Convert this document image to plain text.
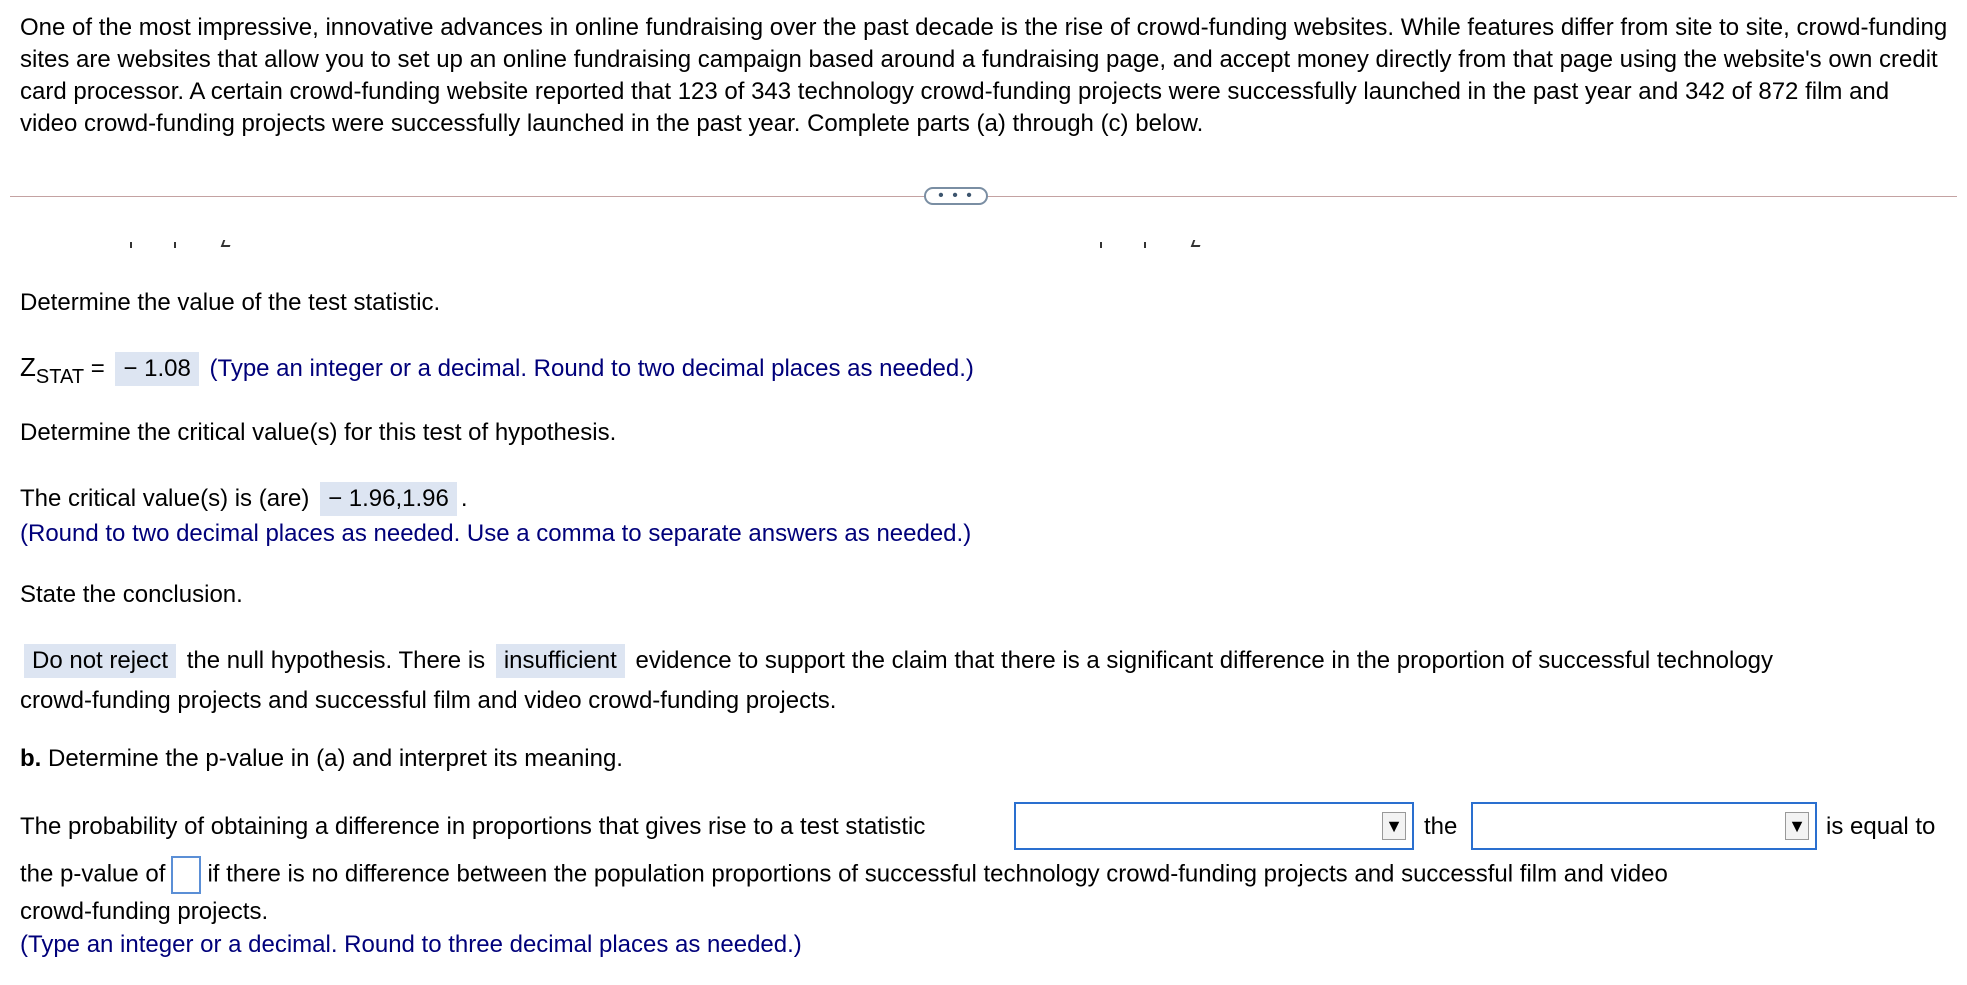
One of the most impressive, innovative advances in online fundraising over the past decade is the rise of crowd-funding websites. While features differ from site to site, crowd-funding sites are websites that allow you to set up an online fundraising campaign based around a fundraising page, and accept money directly from that page using the website's own credit card processor. A certain crowd-funding website reported that 123 of 343 technology crowd-funding projects were successfully launched in the past year and 342 of 872 film and video crowd-funding projects were successfully launched in the past year. Complete parts (a) through (c) below.

• • •

Determine the value of the test statistic.

$Z_{STAT}$ = − 1.08 (Type an integer or a decimal. Round to two decimal places as needed.)

Determine the critical value(s) for this test of hypothesis.

The critical value(s) is (are) − 1.96,1.96 .

(Round to two decimal places as needed. Use a comma to separate answers as needed.)

State the conclusion.

Do not reject the null hypothesis. There is insufficient evidence to support the claim that there is a significant difference in the proportion of successful technology

crowd-funding projects and successful film and video crowd-funding projects.

b. Determine the p-value in (a) and interpret its meaning.

The probability of obtaining a difference in proportions that gives rise to a test statistic	▼ the	▼ is equal to

the p-value of if there is no difference between the population proportions of successful technology crowd-funding projects and successful film and video

crowd-funding projects.

(Type an integer or a decimal. Round to three decimal places as needed.)
